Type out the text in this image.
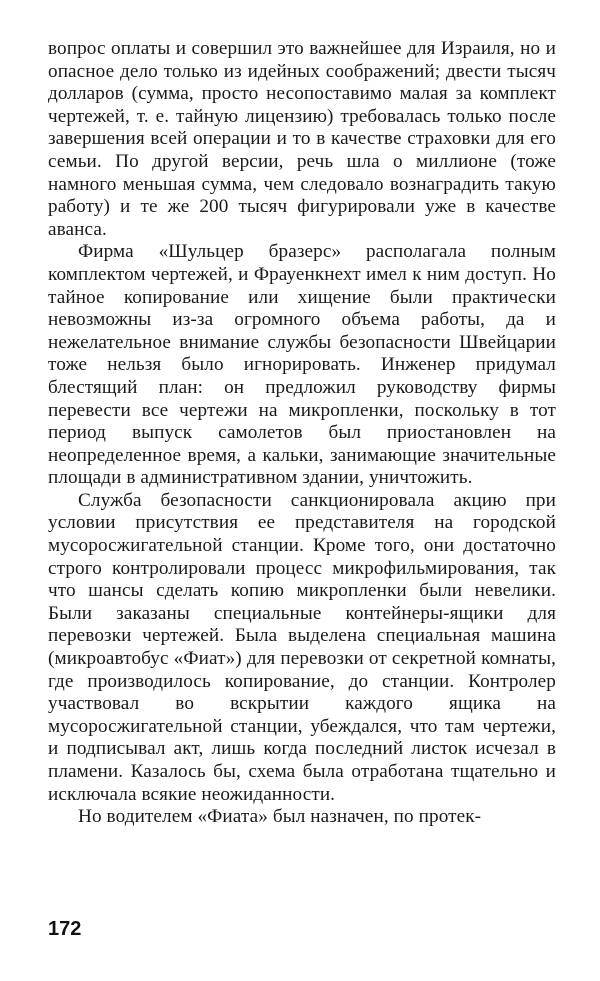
вопрос оплаты и совершил это важнейшее для Израиля, но и опасное дело только из идейных соображений; двести тысяч долларов (сумма, просто несопоставимо малая за комплект чертежей, т. е. тайную лицензию) требовалась только после завершения всей операции и то в качестве страховки для его семьи. По другой версии, речь шла о миллионе (тоже намного меньшая сумма, чем следовало вознаградить такую работу) и те же 200 тысяч фигурировали уже в качестве аванса.

Фирма «Шульцер бразерс» располагала полным комплектом чертежей, и Фрауенкнехт имел к ним доступ. Но тайное копирование или хищение были практически невозможны из-за огромного объема работы, да и нежелательное внимание службы безопасности Швейцарии тоже нельзя было игнорировать. Инженер придумал блестящий план: он предложил руководству фирмы перевести все чертежи на микропленки, поскольку в тот период выпуск самолетов был приостановлен на неопределенное время, а кальки, занимающие значительные площади в административном здании, уничтожить.

Служба безопасности санкционировала акцию при условии присутствия ее представителя на городской мусоросжигательной станции. Кроме того, они достаточно строго контролировали процесс микрофильмирования, так что шансы сделать копию микропленки были невелики. Были заказаны специальные контейнеры-ящики для перевозки чертежей. Была выделена специальная машина (микроавтобус «Фиат») для перевозки от секретной комнаты, где производилось копирование, до станции. Контролер участвовал во вскрытии каждого ящика на мусоросжигательной станции, убеждался, что там чертежи, и подписывал акт, лишь когда последний листок исчезал в пламени. Казалось бы, схема была отработана тщательно и исключала всякие неожиданности.

Но водителем «Фиата» был назначен, по протек-

172
